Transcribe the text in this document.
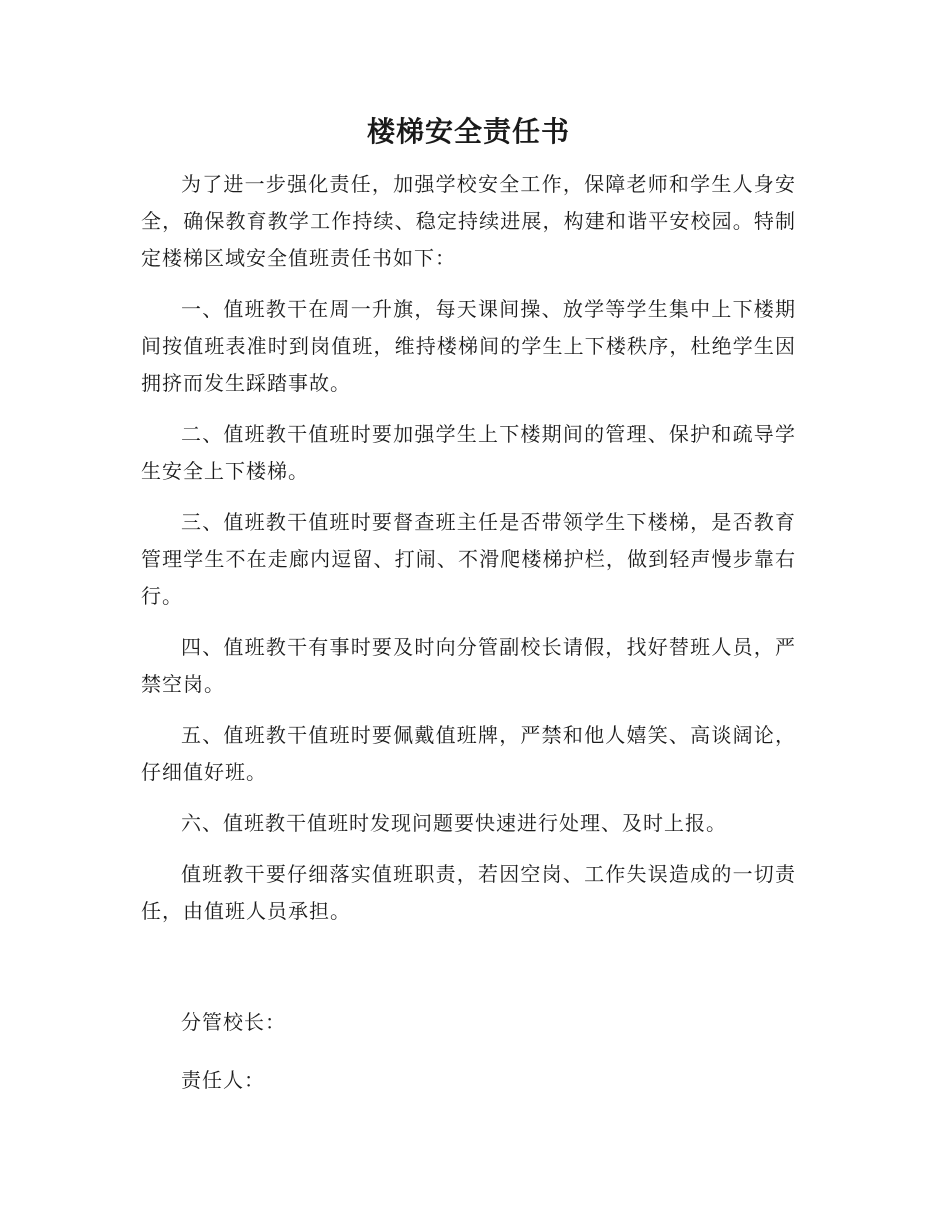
楼梯安全责任书

为了进一步强化责任，加强学校安全工作，保障老师和学生人身安全，确保教育教学工作持续、稳定持续进展，构建和谐平安校园。特制定楼梯区域安全值班责任书如下：

一、值班教干在周一升旗，每天课间操、放学等学生集中上下楼期间按值班表准时到岗值班，维持楼梯间的学生上下楼秩序，杜绝学生因拥挤而发生踩踏事故。

二、值班教干值班时要加强学生上下楼期间的管理、保护和疏导学生安全上下楼梯。

三、值班教干值班时要督查班主任是否带领学生下楼梯，是否教育管理学生不在走廊内逗留、打闹、不滑爬楼梯护栏，做到轻声慢步靠右行。

四、值班教干有事时要及时向分管副校长请假，找好替班人员，严禁空岗。

五、值班教干值班时要佩戴值班牌，严禁和他人嬉笑、高谈阔论，仔细值好班。

六、值班教干值班时发现问题要快速进行处理、及时上报。

值班教干要仔细落实值班职责，若因空岗、工作失误造成的一切责任，由值班人员承担。

分管校长：

责任人：
